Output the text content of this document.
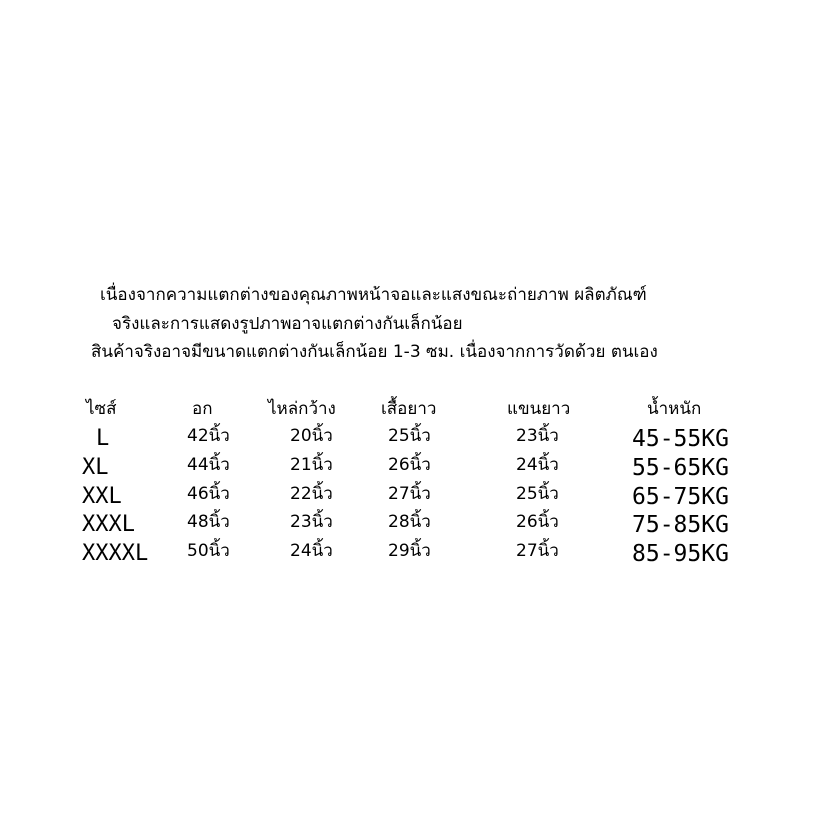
เนื่องจากความแตกต่างของคุณภาพหน้าจอและแสงขณะถ่ายภาพ ผลิตภัณฑ์
จริงและการแสดงรูปภาพอาจแตกต่างกันเล็กน้อย
สินค้าจริงอาจมีขนาดแตกต่างกันเล็กน้อย 1-3 ซม. เนื่องจากการวัดด้วย ตนเอง
ไซส์	อก	ไหล่กว้าง	เสื้อยาว	แขนยาว	น้ำหนัก
L	42นิ้ว	20นิ้ว	25นิ้ว	23นิ้ว	45-55KG
XL	44นิ้ว	21นิ้ว	26นิ้ว	24นิ้ว	55-65KG
XXL	46นิ้ว	22นิ้ว	27นิ้ว	25นิ้ว	65-75KG
XXXL	48นิ้ว	23นิ้ว	28นิ้ว	26นิ้ว	75-85KG
XXXXL 50นิ้ว	24นิ้ว	29นิ้ว	27นิ้ว	85-95KG
